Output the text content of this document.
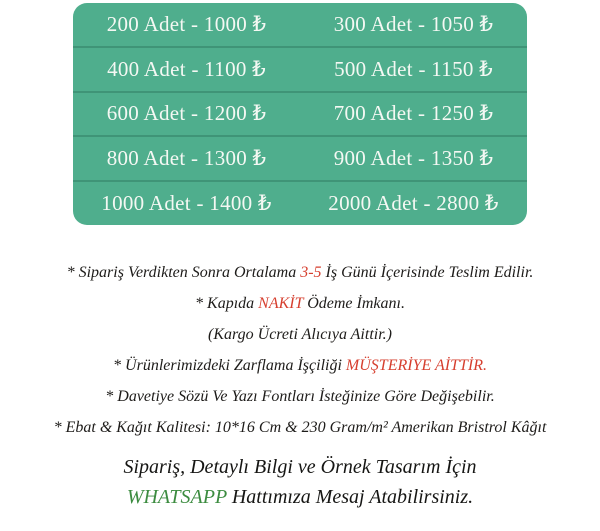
200 Adet - 1000 ₺	300 Adet - 1050 ₺
400 Adet - 1100 ₺	500 Adet - 1150 ₺
600 Adet - 1200 ₺	700 Adet - 1250 ₺
800 Adet - 1300 ₺	900 Adet - 1350 ₺
1000 Adet - 1400 ₺	2000 Adet - 2800 ₺

* Sipariş Verdikten Sonra Ortalama 3-5 İş Günü İçerisinde Teslim Edilir.

* Kapıda NAKİT Ödeme İmkanı.

(Kargo Ücreti Alıcıya Aittir.)

* Ürünlerimizdeki Zarflama İşçiliği MÜŞTERİYE AİTTİR.

* Davetiye Sözü Ve Yazı Fontları İsteğinize Göre Değişebilir.

* Ebat & Kağıt Kalitesi: 10*16 Cm & 230 Gram/m² Amerikan Bristrol Kâğıt

Sipariş, Detaylı Bilgi ve Örnek Tasarım İçin

WHATSAPP Hattımıza Mesaj Atabilirsiniz.
